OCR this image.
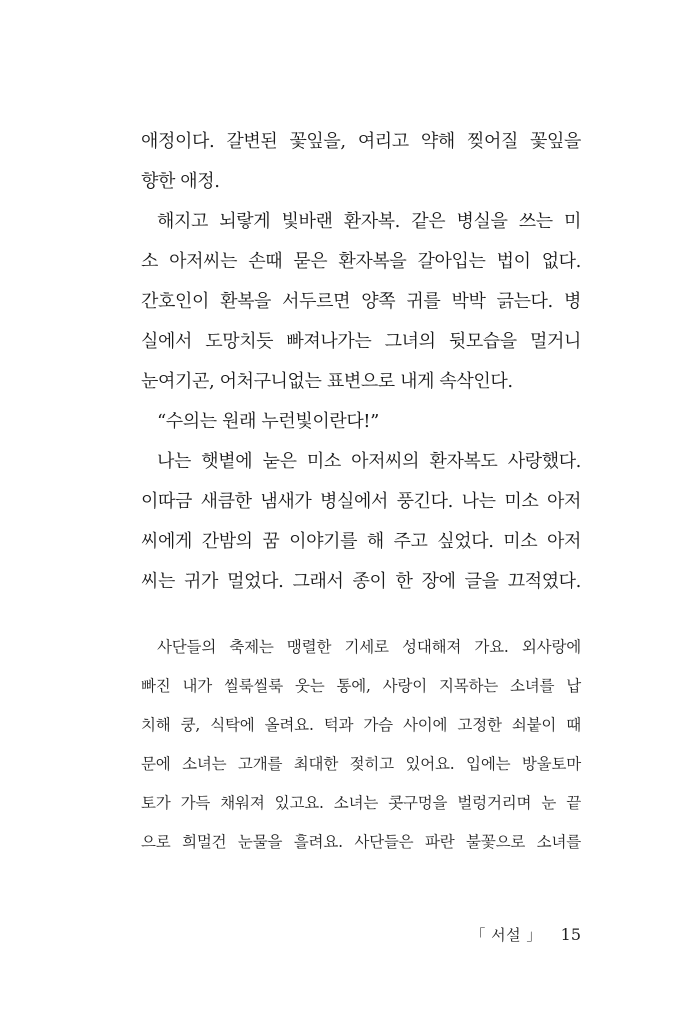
애정이다. 갈변된 꽃잎을, 여리고 약해 찢어질 꽃잎을
향한 애정.
해지고 뇌랗게 빛바랜 환자복. 같은 병실을 쓰는 미
소 아저씨는 손때 묻은 환자복을 갈아입는 법이 없다.
간호인이 환복을 서두르면 양쪽 귀를 박박 긁는다. 병
실에서 도망치듯 빠져나가는 그녀의 뒷모습을 멀거니
눈여기곤, 어처구니없는 표변으로 내게 속삭인다.
“수의는 원래 누런빛이란다!”
나는 햇볕에 눋은 미소 아저씨의 환자복도 사랑했다.
이따금 새큼한 냄새가 병실에서 풍긴다. 나는 미소 아저
씨에게 간밤의 꿈 이야기를 해 주고 싶었다. 미소 아저
씨는 귀가 멀었다. 그래서 종이 한 장에 글을 끄적였다.
사단들의 축제는 맹렬한 기세로 성대해져 가요. 외사랑에
빠진 내가 씰룩씰룩 웃는 통에, 사랑이 지목하는 소녀를 납
치해 쿵, 식탁에 올려요. 턱과 가슴 사이에 고정한 쇠붙이 때
문에 소녀는 고개를 최대한 젖히고 있어요. 입에는 방울토마
토가 가득 채워져 있고요. 소녀는 콧구멍을 벌렁거리며 눈 끝
으로 희멀건 눈물을 흘려요. 사단들은 파란 불꽃으로 소녀를
「 서설 」 15
